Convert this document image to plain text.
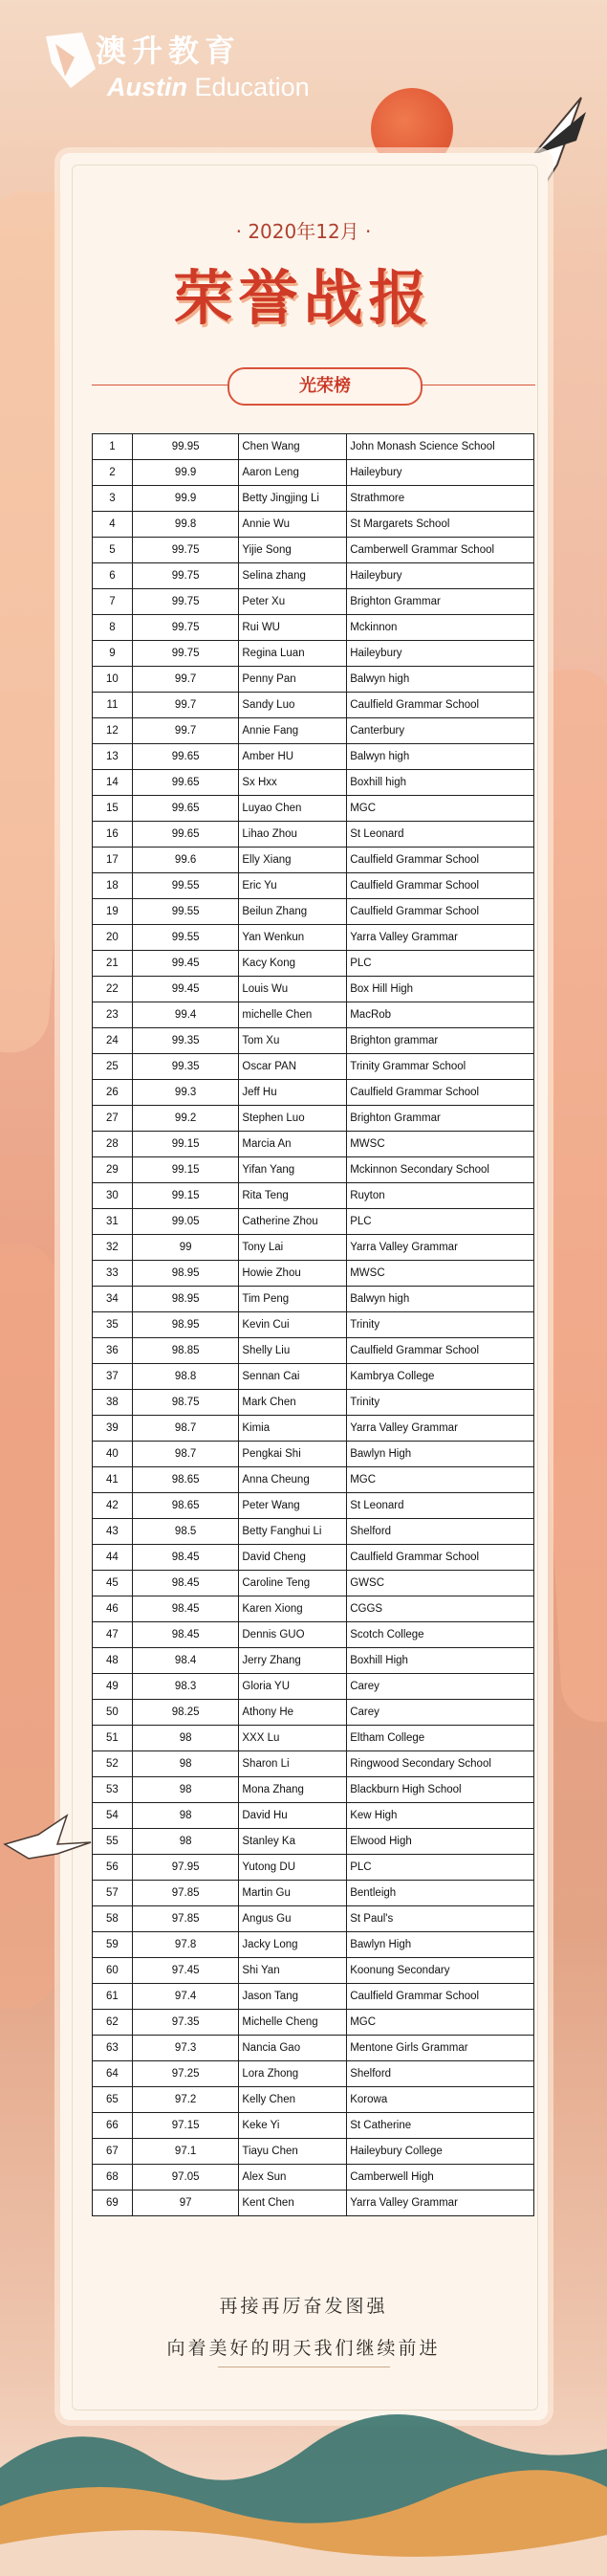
澳升教育
Austin Education
· 2020年12月 ·
荣誉战报
光荣榜
1	99.95	Chen Wang	John Monash Science School
2	99.9	Aaron Leng	Haileybury
3	99.9	Betty Jingjing Li	Strathmore
4	99.8	Annie Wu	St Margarets School
5	99.75	Yijie Song	Camberwell Grammar School
6	99.75	Selina zhang	Haileybury
7	99.75	Peter Xu	Brighton Grammar
8	99.75	Rui WU	Mckinnon
9	99.75	Regina Luan	Haileybury
10	99.7	Penny Pan	Balwyn high
11	99.7	Sandy Luo	Caulfield Grammar School
12	99.7	Annie Fang	Canterbury
13	99.65	Amber HU	Balwyn high
14	99.65	Sx Hxx	Boxhill high
15	99.65	Luyao Chen	MGC
16	99.65	Lihao Zhou	St Leonard
17	99.6	Elly Xiang	Caulfield Grammar School
18	99.55	Eric Yu	Caulfield Grammar School
19	99.55	Beilun Zhang	Caulfield Grammar School
20	99.55	Yan Wenkun	Yarra Valley Grammar
21	99.45	Kacy Kong	PLC
22	99.45	Louis Wu	Box Hill High
23	99.4	michelle Chen	MacRob
24	99.35	Tom Xu	Brighton grammar
25	99.35	Oscar PAN	Trinity Grammar School
26	99.3	Jeff Hu	Caulfield Grammar School
27	99.2	Stephen Luo	Brighton Grammar
28	99.15	Marcia An	MWSC
29	99.15	Yifan Yang	Mckinnon Secondary School
30	99.15	Rita Teng	Ruyton
31	99.05	Catherine Zhou	PLC
32	99	Tony Lai	Yarra Valley Grammar
33	98.95	Howie Zhou	MWSC
34	98.95	Tim Peng	Balwyn high
35	98.95	Kevin Cui	Trinity
36	98.85	Shelly Liu	Caulfield Grammar School
37	98.8	Sennan Cai	Kambrya College
38	98.75	Mark Chen	Trinity
39	98.7	Kimia	Yarra Valley Grammar
40	98.7	Pengkai Shi	Bawlyn High
41	98.65	Anna Cheung	MGC
42	98.65	Peter Wang	St Leonard
43	98.5	Betty Fanghui Li	Shelford
44	98.45	David Cheng	Caulfield Grammar School
45	98.45	Caroline Teng	GWSC
46	98.45	Karen Xiong	CGGS
47	98.45	Dennis GUO	Scotch College
48	98.4	Jerry Zhang	Boxhill High
49	98.3	Gloria YU	Carey
50	98.25	Athony He	Carey
51	98	XXX Lu	Eltham College
52	98	Sharon Li	Ringwood Secondary School
53	98	Mona Zhang	Blackburn High School
54	98	David Hu	Kew High
55	98	Stanley Ka	Elwood High
56	97.95	Yutong DU	PLC
57	97.85	Martin Gu	Bentleigh
58	97.85	Angus Gu	St Paul's
59	97.8	Jacky Long	Bawlyn High
60	97.45	Shi Yan	Koonung Secondary
61	97.4	Jason Tang	Caulfield Grammar School
62	97.35	Michelle Cheng	MGC
63	97.3	Nancia Gao	Mentone Girls Grammar
64	97.25	Lora Zhong	Shelford
65	97.2	Kelly Chen	Korowa
66	97.15	Keke Yi	St Catherine
67	97.1	Tiayu Chen	Haileybury College
68	97.05	Alex Sun	Camberwell High
69	97	Kent Chen	Yarra Valley Grammar
再接再厉奋发图强
向着美好的明天我们继续前进
